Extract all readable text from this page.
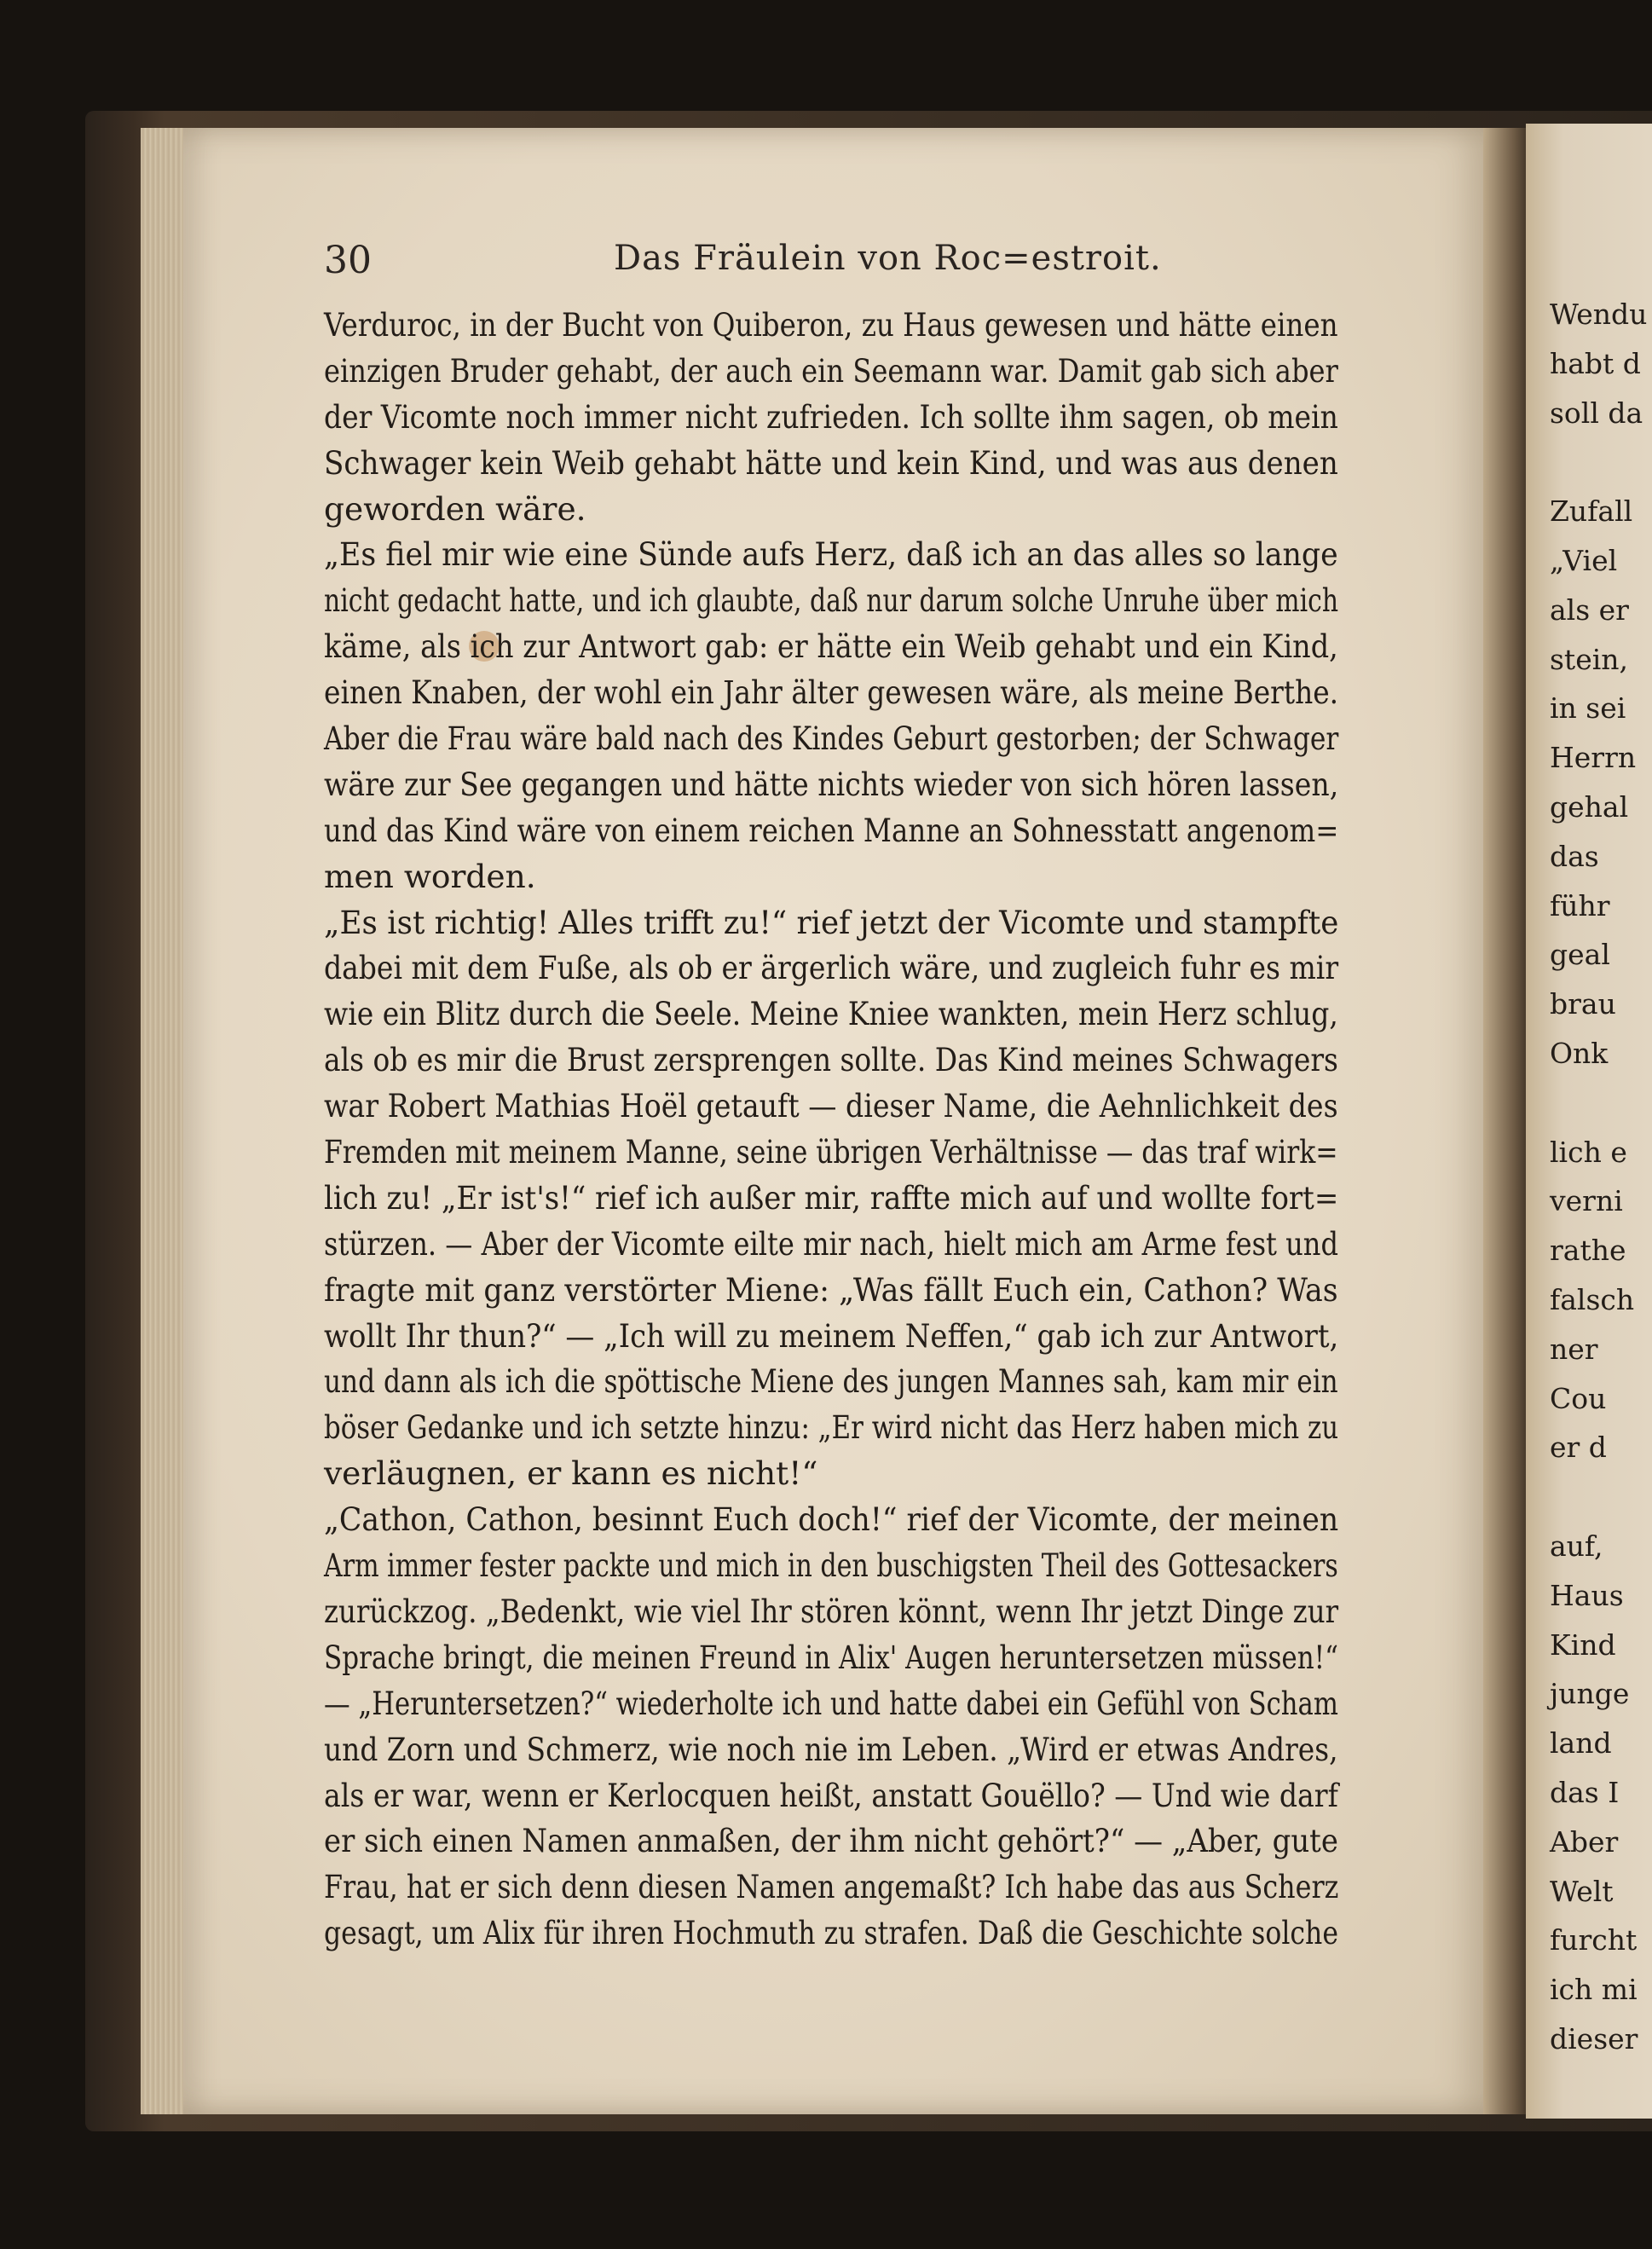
30	Das Fräulein von Roc=estroit.
Verduroc, in der Bucht von Quiberon, zu Haus gewesen und hätte einen
einzigen Bruder gehabt, der auch ein Seemann war. Damit gab sich aber
der Vicomte noch immer nicht zufrieden. Ich sollte ihm sagen, ob mein
Schwager kein Weib gehabt hätte und kein Kind, und was aus denen
geworden wäre.
„Es fiel mir wie eine Sünde aufs Herz, daß ich an das alles so lange
nicht gedacht hatte, und ich glaubte, daß nur darum solche Unruhe über mich
käme, als ich zur Antwort gab: er hätte ein Weib gehabt und ein Kind,
einen Knaben, der wohl ein Jahr älter gewesen wäre, als meine Berthe.
Aber die Frau wäre bald nach des Kindes Geburt gestorben; der Schwager
wäre zur See gegangen und hätte nichts wieder von sich hören lassen,
und das Kind wäre von einem reichen Manne an Sohnesstatt angenom=
men worden.
„Es ist richtig! Alles trifft zu!“ rief jetzt der Vicomte und stampfte
dabei mit dem Fuße, als ob er ärgerlich wäre, und zugleich fuhr es mir
wie ein Blitz durch die Seele. Meine Kniee wankten, mein Herz schlug,
als ob es mir die Brust zersprengen sollte. Das Kind meines Schwagers
war Robert Mathias Hoël getauft — dieser Name, die Aehnlichkeit des
Fremden mit meinem Manne, seine übrigen Verhältnisse — das traf wirk=
lich zu! „Er ist's!“ rief ich außer mir, raffte mich auf und wollte fort=
stürzen. — Aber der Vicomte eilte mir nach, hielt mich am Arme fest und
fragte mit ganz verstörter Miene: „Was fällt Euch ein, Cathon? Was
wollt Ihr thun?“ — „Ich will zu meinem Neffen,“ gab ich zur Antwort,
und dann als ich die spöttische Miene des jungen Mannes sah, kam mir ein
böser Gedanke und ich setzte hinzu: „Er wird nicht das Herz haben mich zu
verläugnen, er kann es nicht!“
„Cathon, Cathon, besinnt Euch doch!“ rief der Vicomte, der meinen
Arm immer fester packte und mich in den buschigsten Theil des Gottesackers
zurückzog. „Bedenkt, wie viel Ihr stören könnt, wenn Ihr jetzt Dinge zur
Sprache bringt, die meinen Freund in Alix' Augen heruntersetzen müssen!“
— „Heruntersetzen?“ wiederholte ich und hatte dabei ein Gefühl von Scham
und Zorn und Schmerz, wie noch nie im Leben. „Wird er etwas Andres,
als er war, wenn er Kerlocquen heißt, anstatt Gouëllo? — Und wie darf
er sich einen Namen anmaßen, der ihm nicht gehört?“ — „Aber, gute
Frau, hat er sich denn diesen Namen angemaßt? Ich habe das aus Scherz
gesagt, um Alix für ihren Hochmuth zu strafen. Daß die Geschichte solche
Wendu
habt d
soll da
Zufall
„Viel
als er
stein,
in sei
Herrn
gehal
das
führ
geal
brau
Onk
lich e
verni
rathe
falsch
ner
Cou
er d
auf,
Haus
Kind
junge
land
das I
Aber
Welt
furcht
ich mi
dieser
